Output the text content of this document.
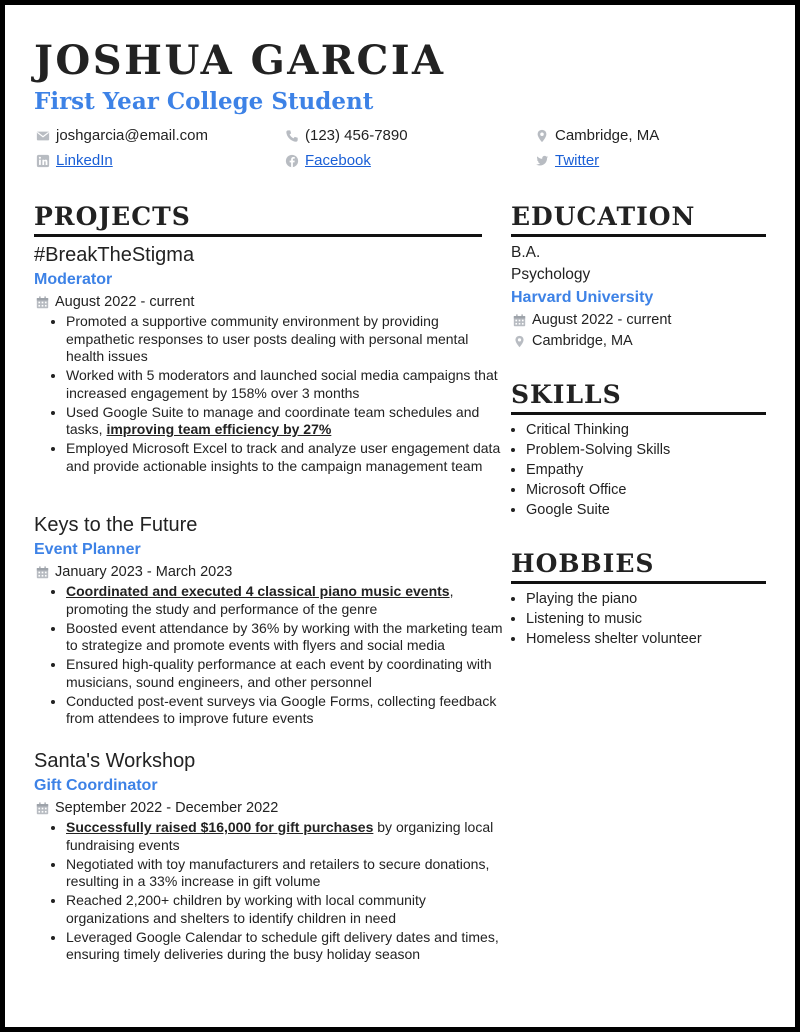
JOSHUA GARCIA
First Year College Student
joshgarcia@email.com	(123) 456-7890	Cambridge, MA
LinkedIn	Facebook	Twitter
PROJECTS
#BreakTheStigma
Moderator
August 2022 - current
• Promoted a supportive community environment by providing empathetic responses to user posts dealing with personal mental health issues
• Worked with 5 moderators and launched social media campaigns that increased engagement by 158% over 3 months
• Used Google Suite to manage and coordinate team schedules and tasks, improving team efficiency by 27%
• Employed Microsoft Excel to track and analyze user engagement data and provide actionable insights to the campaign management team
Keys to the Future
Event Planner
January 2023 - March 2023
• Coordinated and executed 4 classical piano music events, promoting the study and performance of the genre
• Boosted event attendance by 36% by working with the marketing team to strategize and promote events with flyers and social media
• Ensured high-quality performance at each event by coordinating with musicians, sound engineers, and other personnel
• Conducted post-event surveys via Google Forms, collecting feedback from attendees to improve future events
Santa's Workshop
Gift Coordinator
September 2022 - December 2022
• Successfully raised $16,000 for gift purchases by organizing local fundraising events
• Negotiated with toy manufacturers and retailers to secure donations, resulting in a 33% increase in gift volume
• Reached 2,200+ children by working with local community organizations and shelters to identify children in need
• Leveraged Google Calendar to schedule gift delivery dates and times, ensuring timely deliveries during the busy holiday season
EDUCATION
B.A.
Psychology
Harvard University
August 2022 - current
Cambridge, MA
SKILLS
• Critical Thinking
• Problem-Solving Skills
• Empathy
• Microsoft Office
• Google Suite
HOBBIES
• Playing the piano
• Listening to music
• Homeless shelter volunteer
